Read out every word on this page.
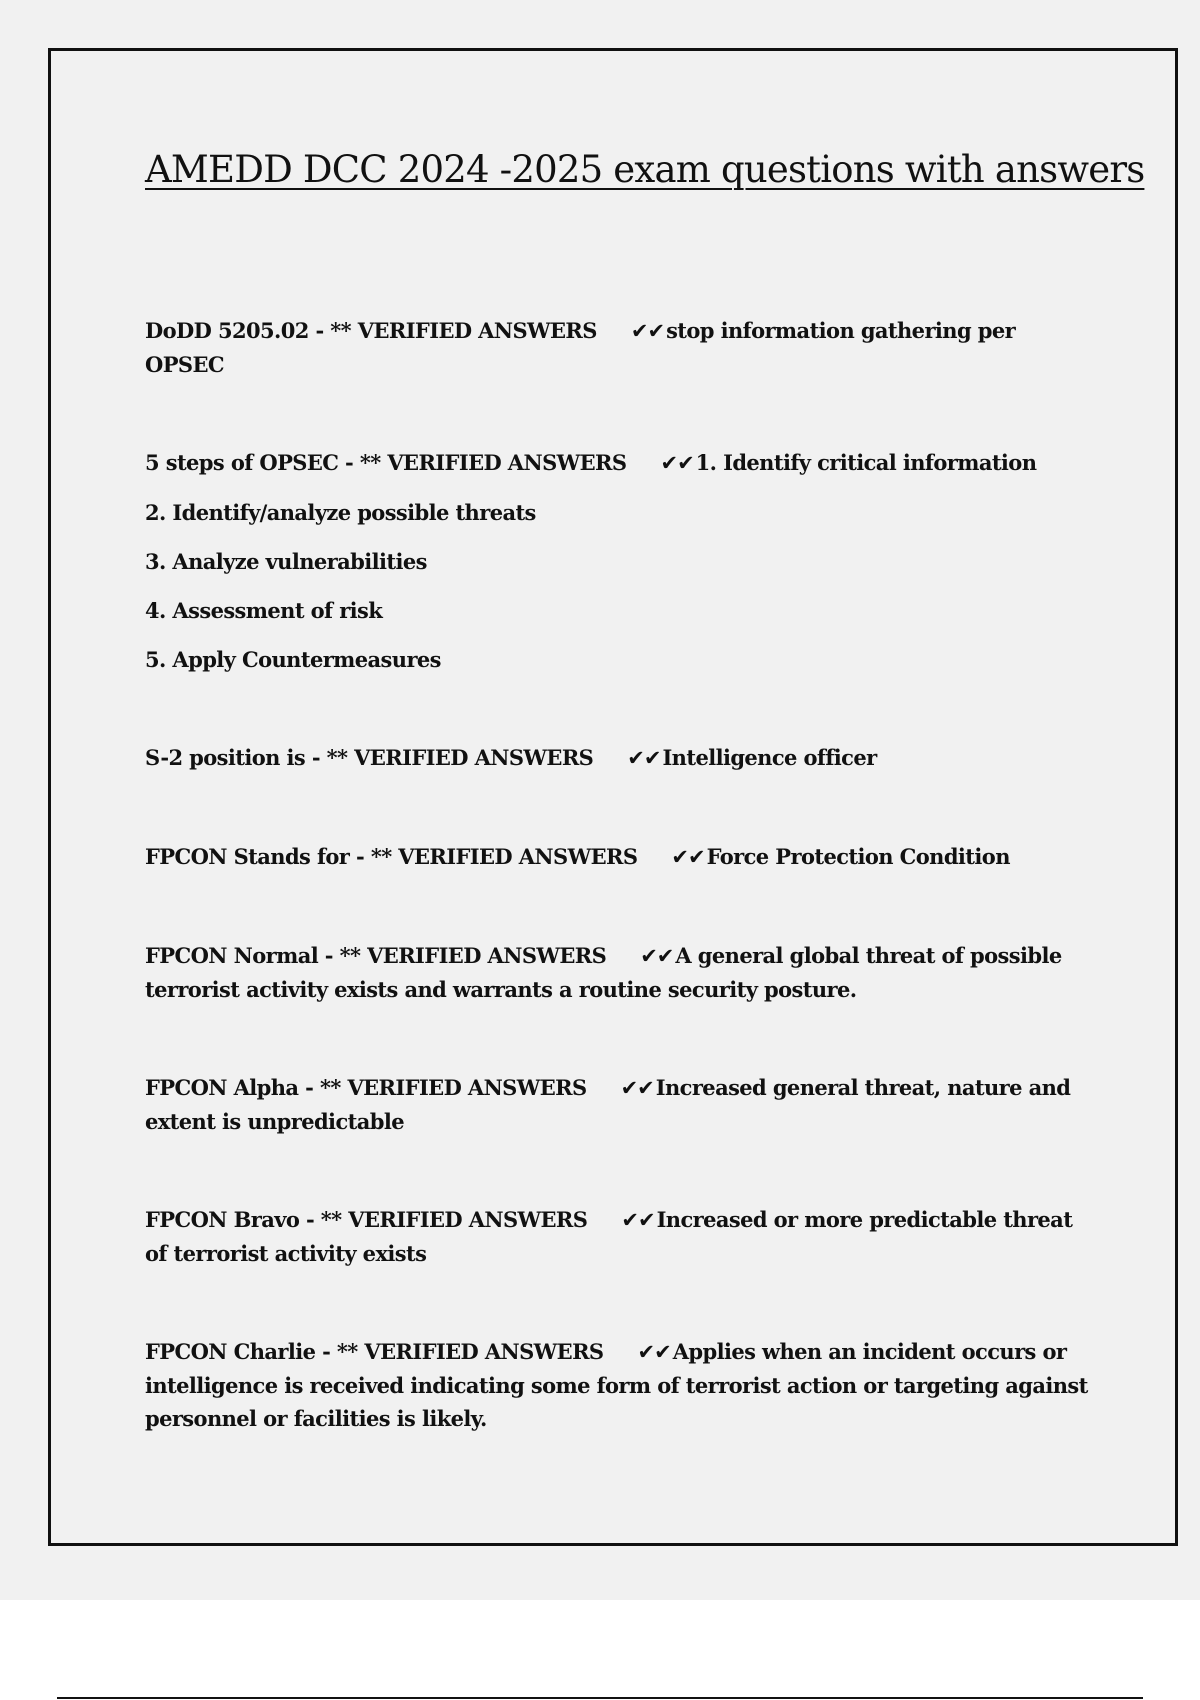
AMEDD DCC 2024 -2025 exam questions with answers
DoDD 5205.02 - ** VERIFIED ANSWERS ✔✔stop information gathering per OPSEC
5 steps of OPSEC - ** VERIFIED ANSWERS ✔✔1. Identify critical information
2. Identify/analyze possible threats
3. Analyze vulnerabilities
4. Assessment of risk
5. Apply Countermeasures
S-2 position is - ** VERIFIED ANSWERS ✔✔Intelligence officer
FPCON Stands for - ** VERIFIED ANSWERS ✔✔Force Protection Condition
FPCON Normal - ** VERIFIED ANSWERS ✔✔A general global threat of possible terrorist activity exists and warrants a routine security posture.
FPCON Alpha - ** VERIFIED ANSWERS ✔✔Increased general threat, nature and extent is unpredictable
FPCON Bravo - ** VERIFIED ANSWERS ✔✔Increased or more predictable threat of terrorist activity exists
FPCON Charlie - ** VERIFIED ANSWERS ✔✔Applies when an incident occurs or intelligence is received indicating some form of terrorist action or targeting against personnel or facilities is likely.
